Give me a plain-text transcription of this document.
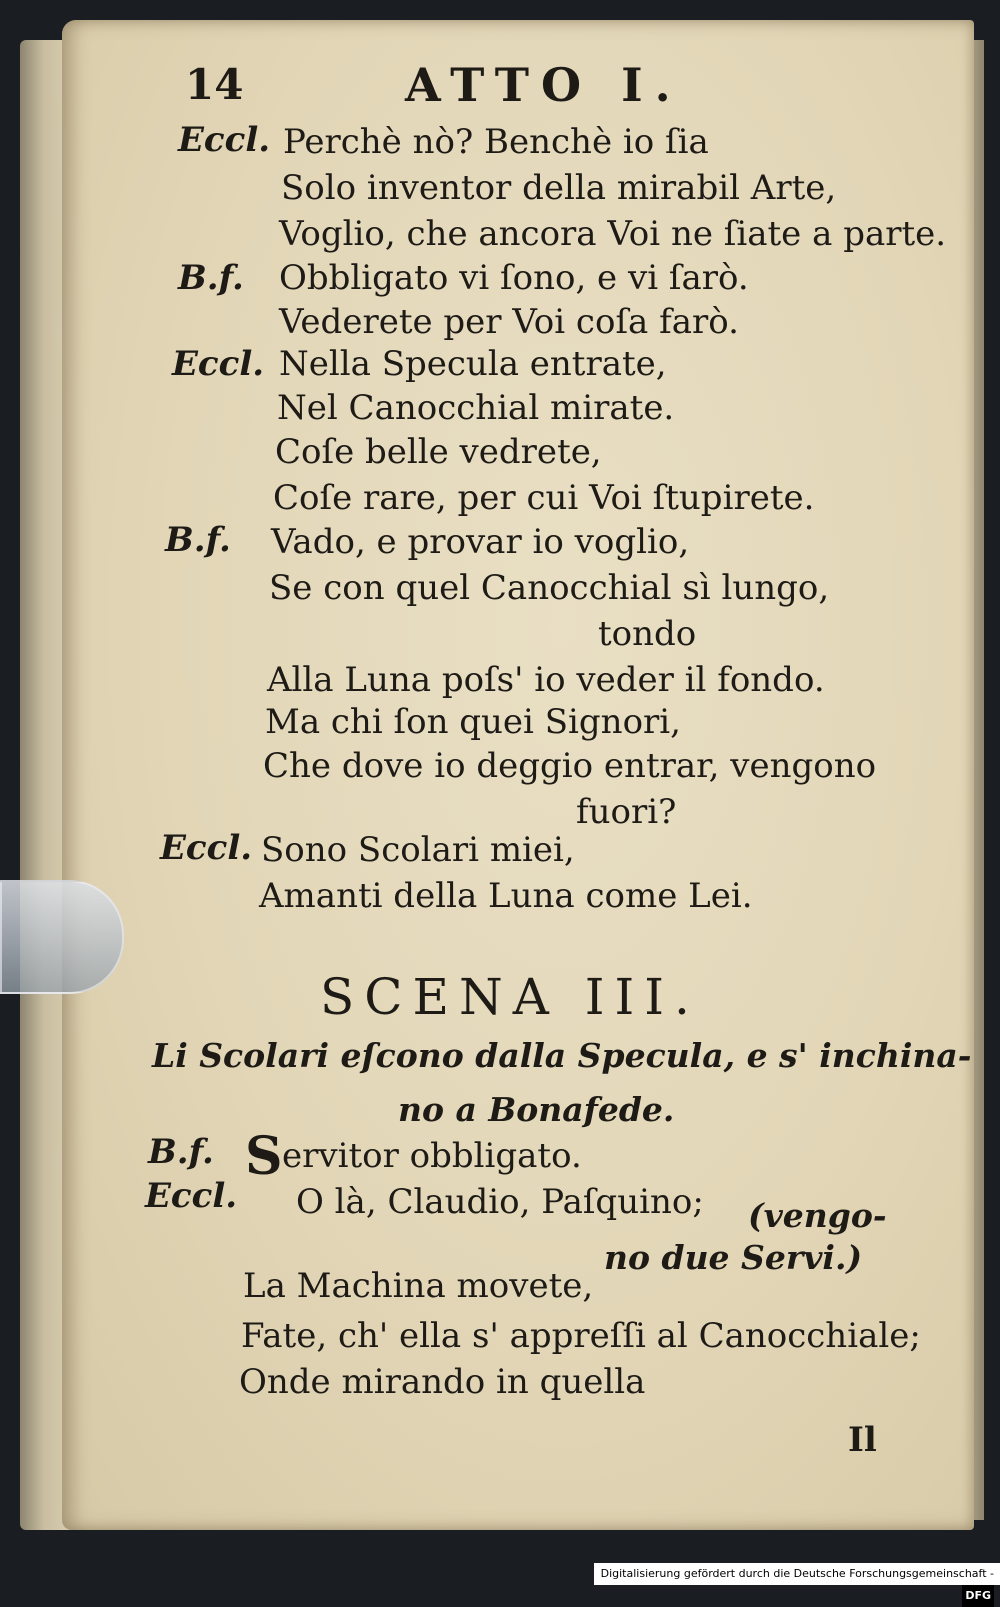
14	ATTO I.
Eccl. Perchè nò? Benchè io ſia
Solo inventor della mirabil Arte,
Voglio, che ancora Voi ne ſiate a parte.
B.f. Obbligato vi ſono, e vi ſarò.
Vederete per Voi coſa farò.
Eccl. Nella Specula entrate,
Nel Canocchial mirate.
Coſe belle vedrete,
Coſe rare, per cui Voi ſtupirete.
B.f. Vado, e provar io voglio,
Se con quel Canocchial sì lungo,
tondo
Alla Luna poſs' io veder il fondo.
Ma chi ſon quei Signori,
Che dove io deggio entrar, vengono
fuori?
Eccl. Sono Scolari miei,
Amanti della Luna come Lei.
SCENA III.
Li Scolari eſcono dalla Specula, e s' inchina-
no a Bonafede.
B.f. S ervitor obbligato.
Eccl. O là, Claudio, Paſquino; (vengo-
no due Servi.)
La Machina movete,
Fate, ch' ella s' appreſſi al Canocchiale;
Onde mirando in quella
Il
Digitalisierung gefördert durch die Deutsche Forschungsgemeinschaft -DFG
